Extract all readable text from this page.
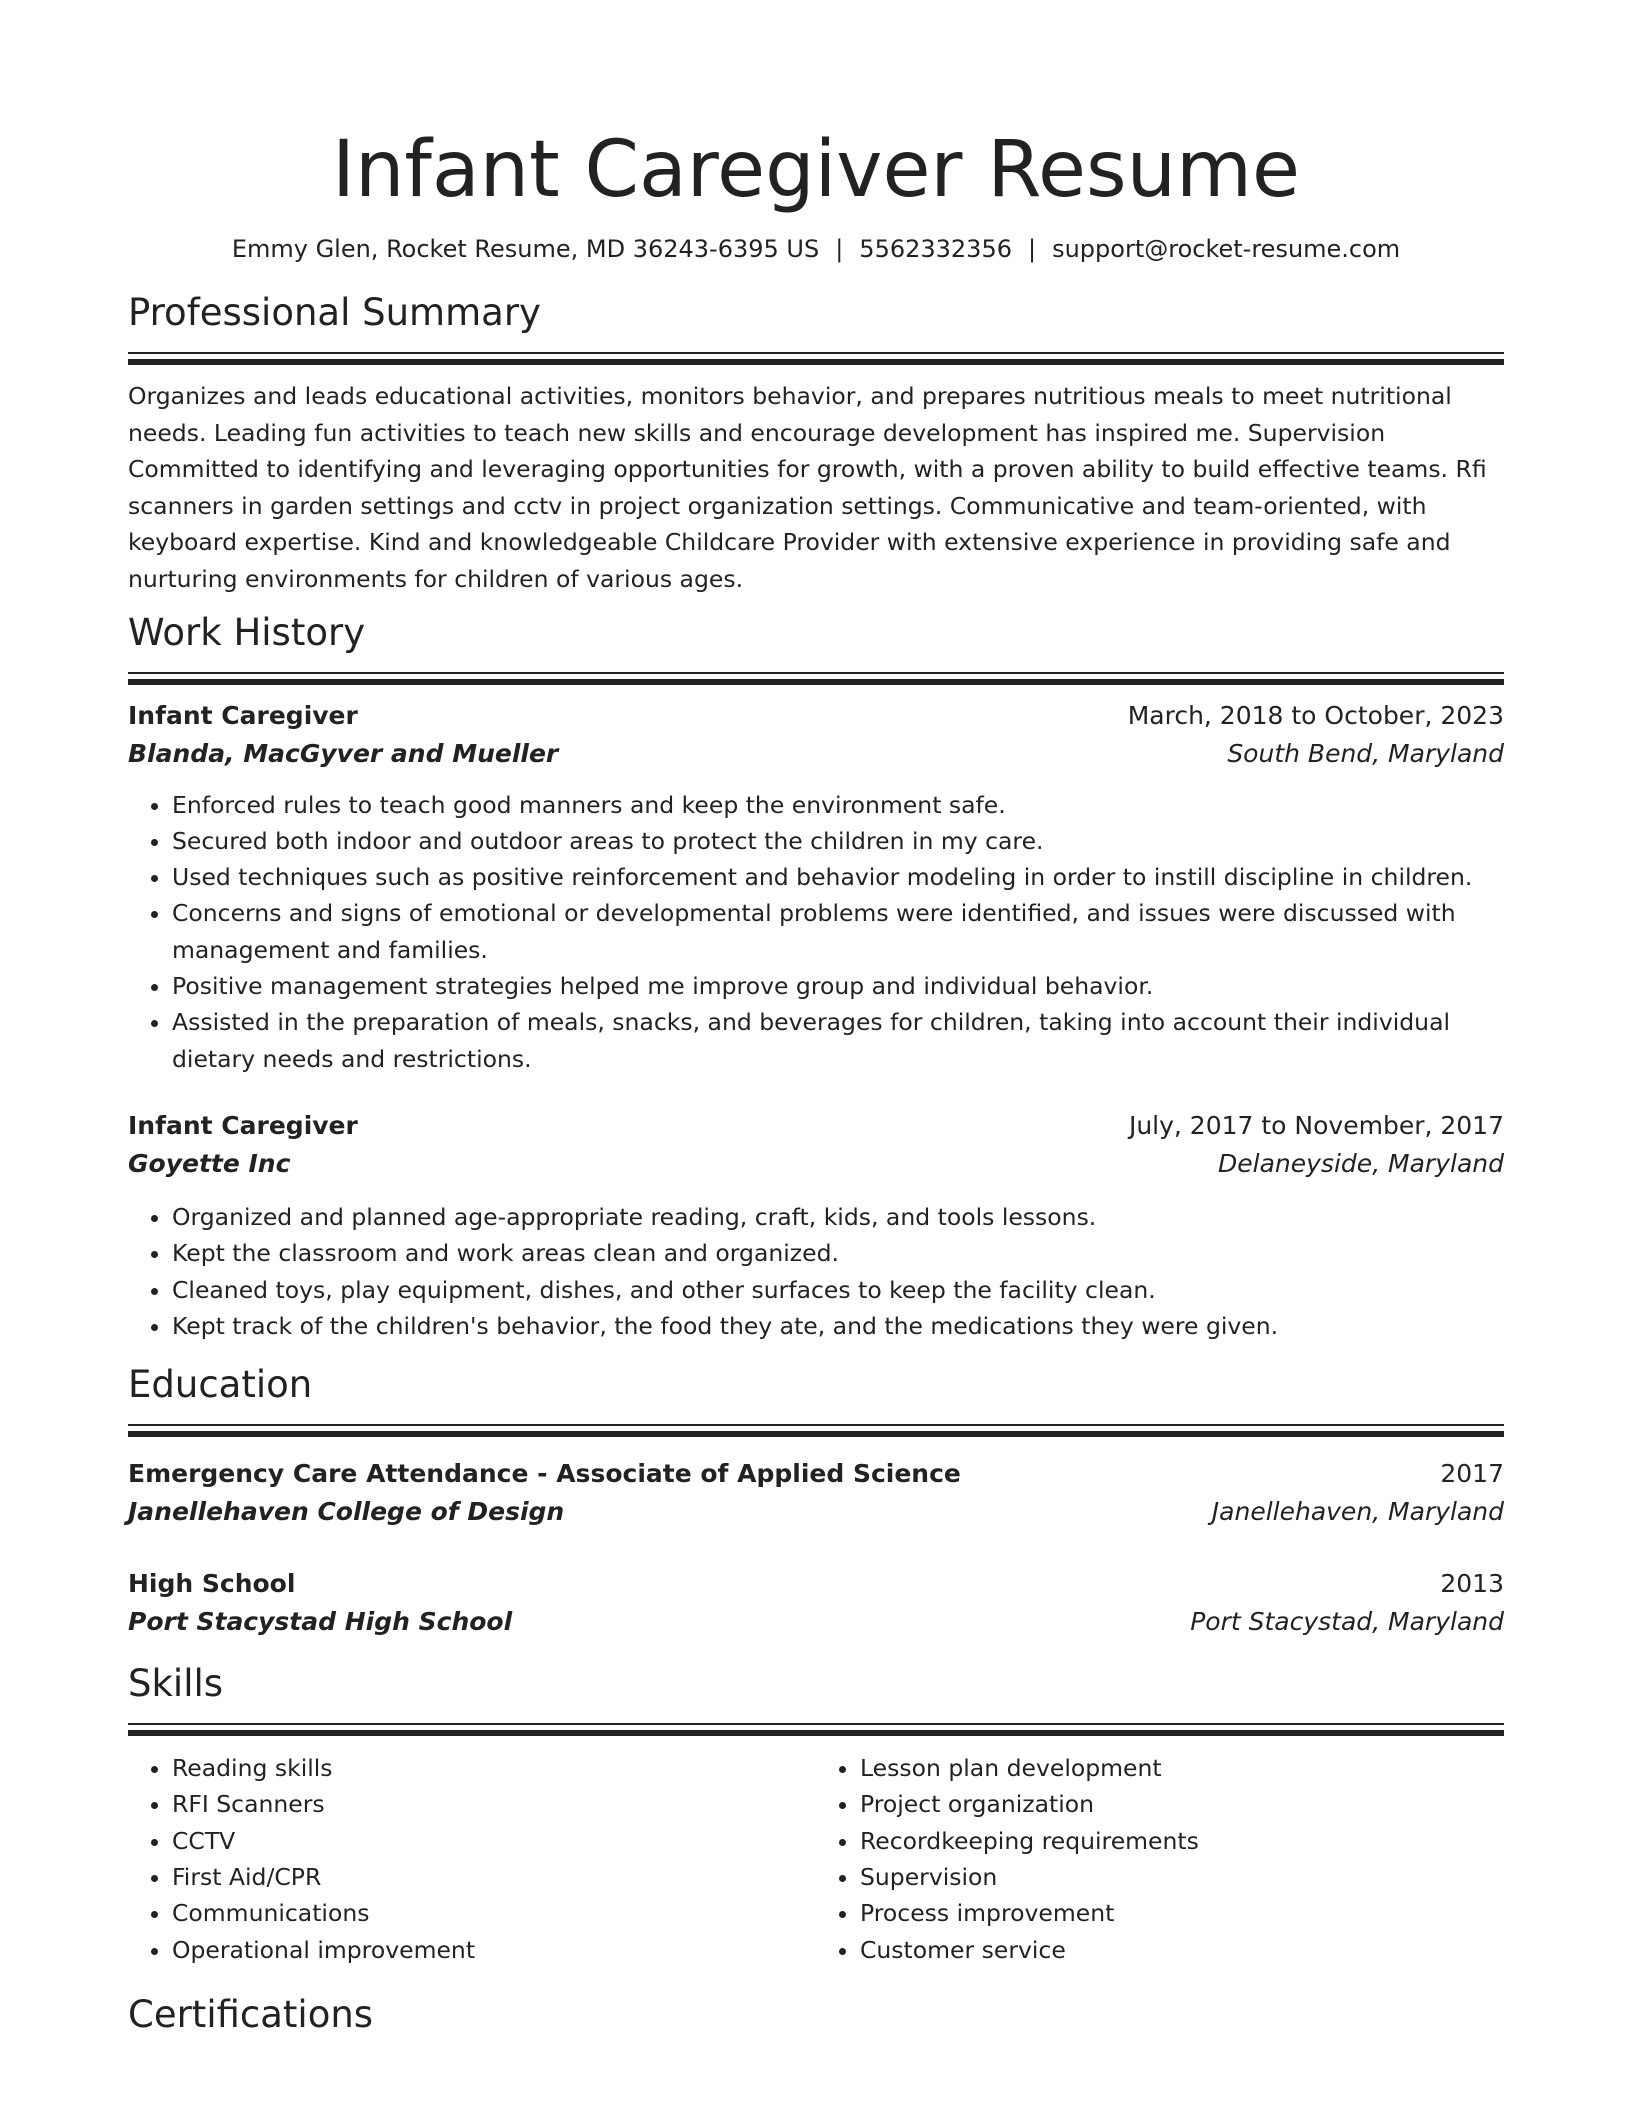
Infant Caregiver Resume
Emmy Glen, Rocket Resume, MD 36243-6395 US | 5562332356 | support@rocket-resume.com
Professional Summary

Organizes and leads educational activities, monitors behavior, and prepares nutritious meals to meet nutritional needs. Leading fun activities to teach new skills and encourage development has inspired me. Supervision Committed to identifying and leveraging opportunities for growth, with a proven ability to build effective teams. Rfi scanners in garden settings and cctv in project organization settings. Communicative and team-oriented, with keyboard expertise. Kind and knowledgeable Childcare Provider with extensive experience in providing safe and nurturing environments for children of various ages.

Work History
Infant Caregiver	March, 2018 to October, 2023
Blanda, MacGyver and Mueller	South Bend, Maryland
• Enforced rules to teach good manners and keep the environment safe.
• Secured both indoor and outdoor areas to protect the children in my care.
• Used techniques such as positive reinforcement and behavior modeling in order to instill discipline in children.
• Concerns and signs of emotional or developmental problems were identified, and issues were discussed with management and families.
• Positive management strategies helped me improve group and individual behavior.
• Assisted in the preparation of meals, snacks, and beverages for children, taking into account their individual dietary needs and restrictions.
Infant Caregiver	July, 2017 to November, 2017
Goyette Inc	Delaneyside, Maryland
• Organized and planned age-appropriate reading, craft, kids, and tools lessons.
• Kept the classroom and work areas clean and organized.
• Cleaned toys, play equipment, dishes, and other surfaces to keep the facility clean.
• Kept track of the children's behavior, the food they ate, and the medications they were given.
Education
Emergency Care Attendance - Associate of Applied Science	2017
Janellehaven College of Design	Janellehaven, Maryland
High School	2013
Port Stacystad High School	Port Stacystad, Maryland
Skills
• Reading skills
• RFI Scanners
• CCTV
• First Aid/CPR
• Communications
• Operational improvement
• Lesson plan development
• Project organization
• Recordkeeping requirements
• Supervision
• Process improvement
• Customer service
Certifications
